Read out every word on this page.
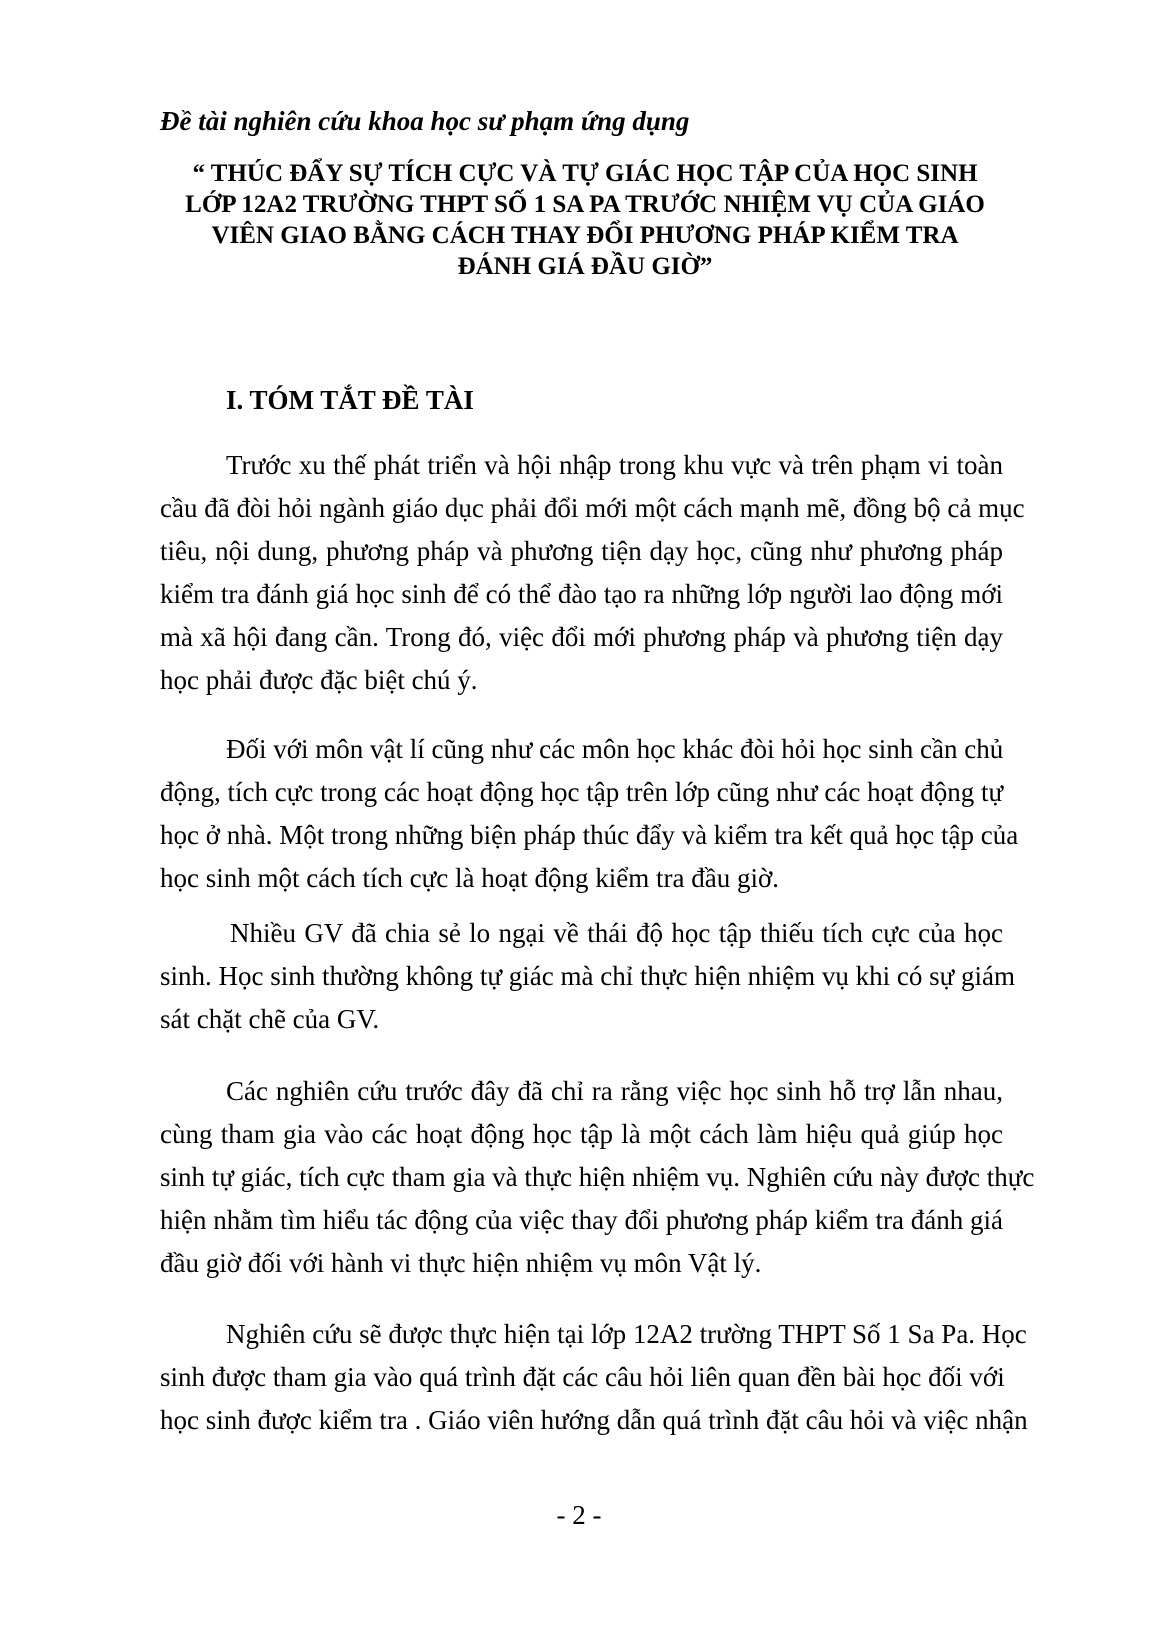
Đề tài nghiên cứu khoa học sư phạm ứng dụng
“ THÚC ĐẨY SỰ TÍCH CỰC VÀ TỰ GIÁC HỌC TẬP CỦA HỌC SINH
LỚP 12A2 TRƯỜNG THPT SỐ 1 SA PA TRƯỚC NHIỆM VỤ CỦA GIÁO
VIÊN GIAO BẰNG CÁCH THAY ĐỔI PHƯƠNG PHÁP KIỂM TRA
ĐÁNH GIÁ ĐẦU GIỜ”
I. TÓM TẮT ĐỀ TÀI

Trước xu thế phát triển và hội nhập trong khu vực và trên phạm vi toàn
cầu đã đòi hỏi ngành giáo dục phải đổi mới một cách mạnh mẽ, đồng bộ cả mục
tiêu, nội dung, phương pháp và phương tiện dạy học, cũng như phương pháp
kiểm tra đánh giá học sinh để có thể đào tạo ra những lớp người lao động mới
mà xã hội đang cần. Trong đó, việc đổi mới phương pháp và phương tiện dạy
học phải được đặc biệt chú ý.

Đối với môn vật lí cũng như các môn học khác đòi hỏi học sinh cần chủ
động, tích cực trong các hoạt động học tập trên lớp cũng như các hoạt động tự
học ở nhà. Một trong những biện pháp thúc đẩy và kiểm tra kết quả học tập của
học sinh một cách tích cực là hoạt động kiểm tra đầu giờ.

Nhiều GV đã chia sẻ lo ngại về thái độ học tập thiếu tích cực của học
sinh. Học sinh thường không tự giác mà chỉ thực hiện nhiệm vụ khi có sự giám
sát chặt chẽ của GV.

Các nghiên cứu trước đây đã chỉ ra rằng việc học sinh hỗ trợ lẫn nhau,
cùng tham gia vào các hoạt động học tập là một cách làm hiệu quả giúp học
sinh tự giác, tích cực tham gia và thực hiện nhiệm vụ. Nghiên cứu này được thực
hiện nhằm tìm hiểu tác động của việc thay đổi phương pháp kiểm tra đánh giá
đầu giờ đối với hành vi thực hiện nhiệm vụ môn Vật lý.

Nghiên cứu sẽ được thực hiện tại lớp 12A2 trường THPT Số 1 Sa Pa. Học
sinh được tham gia vào quá trình đặt các câu hỏi liên quan đền bài học đối với
học sinh được kiểm tra . Giáo viên hướng dẫn quá trình đặt câu hỏi và việc nhận

- 2 -
